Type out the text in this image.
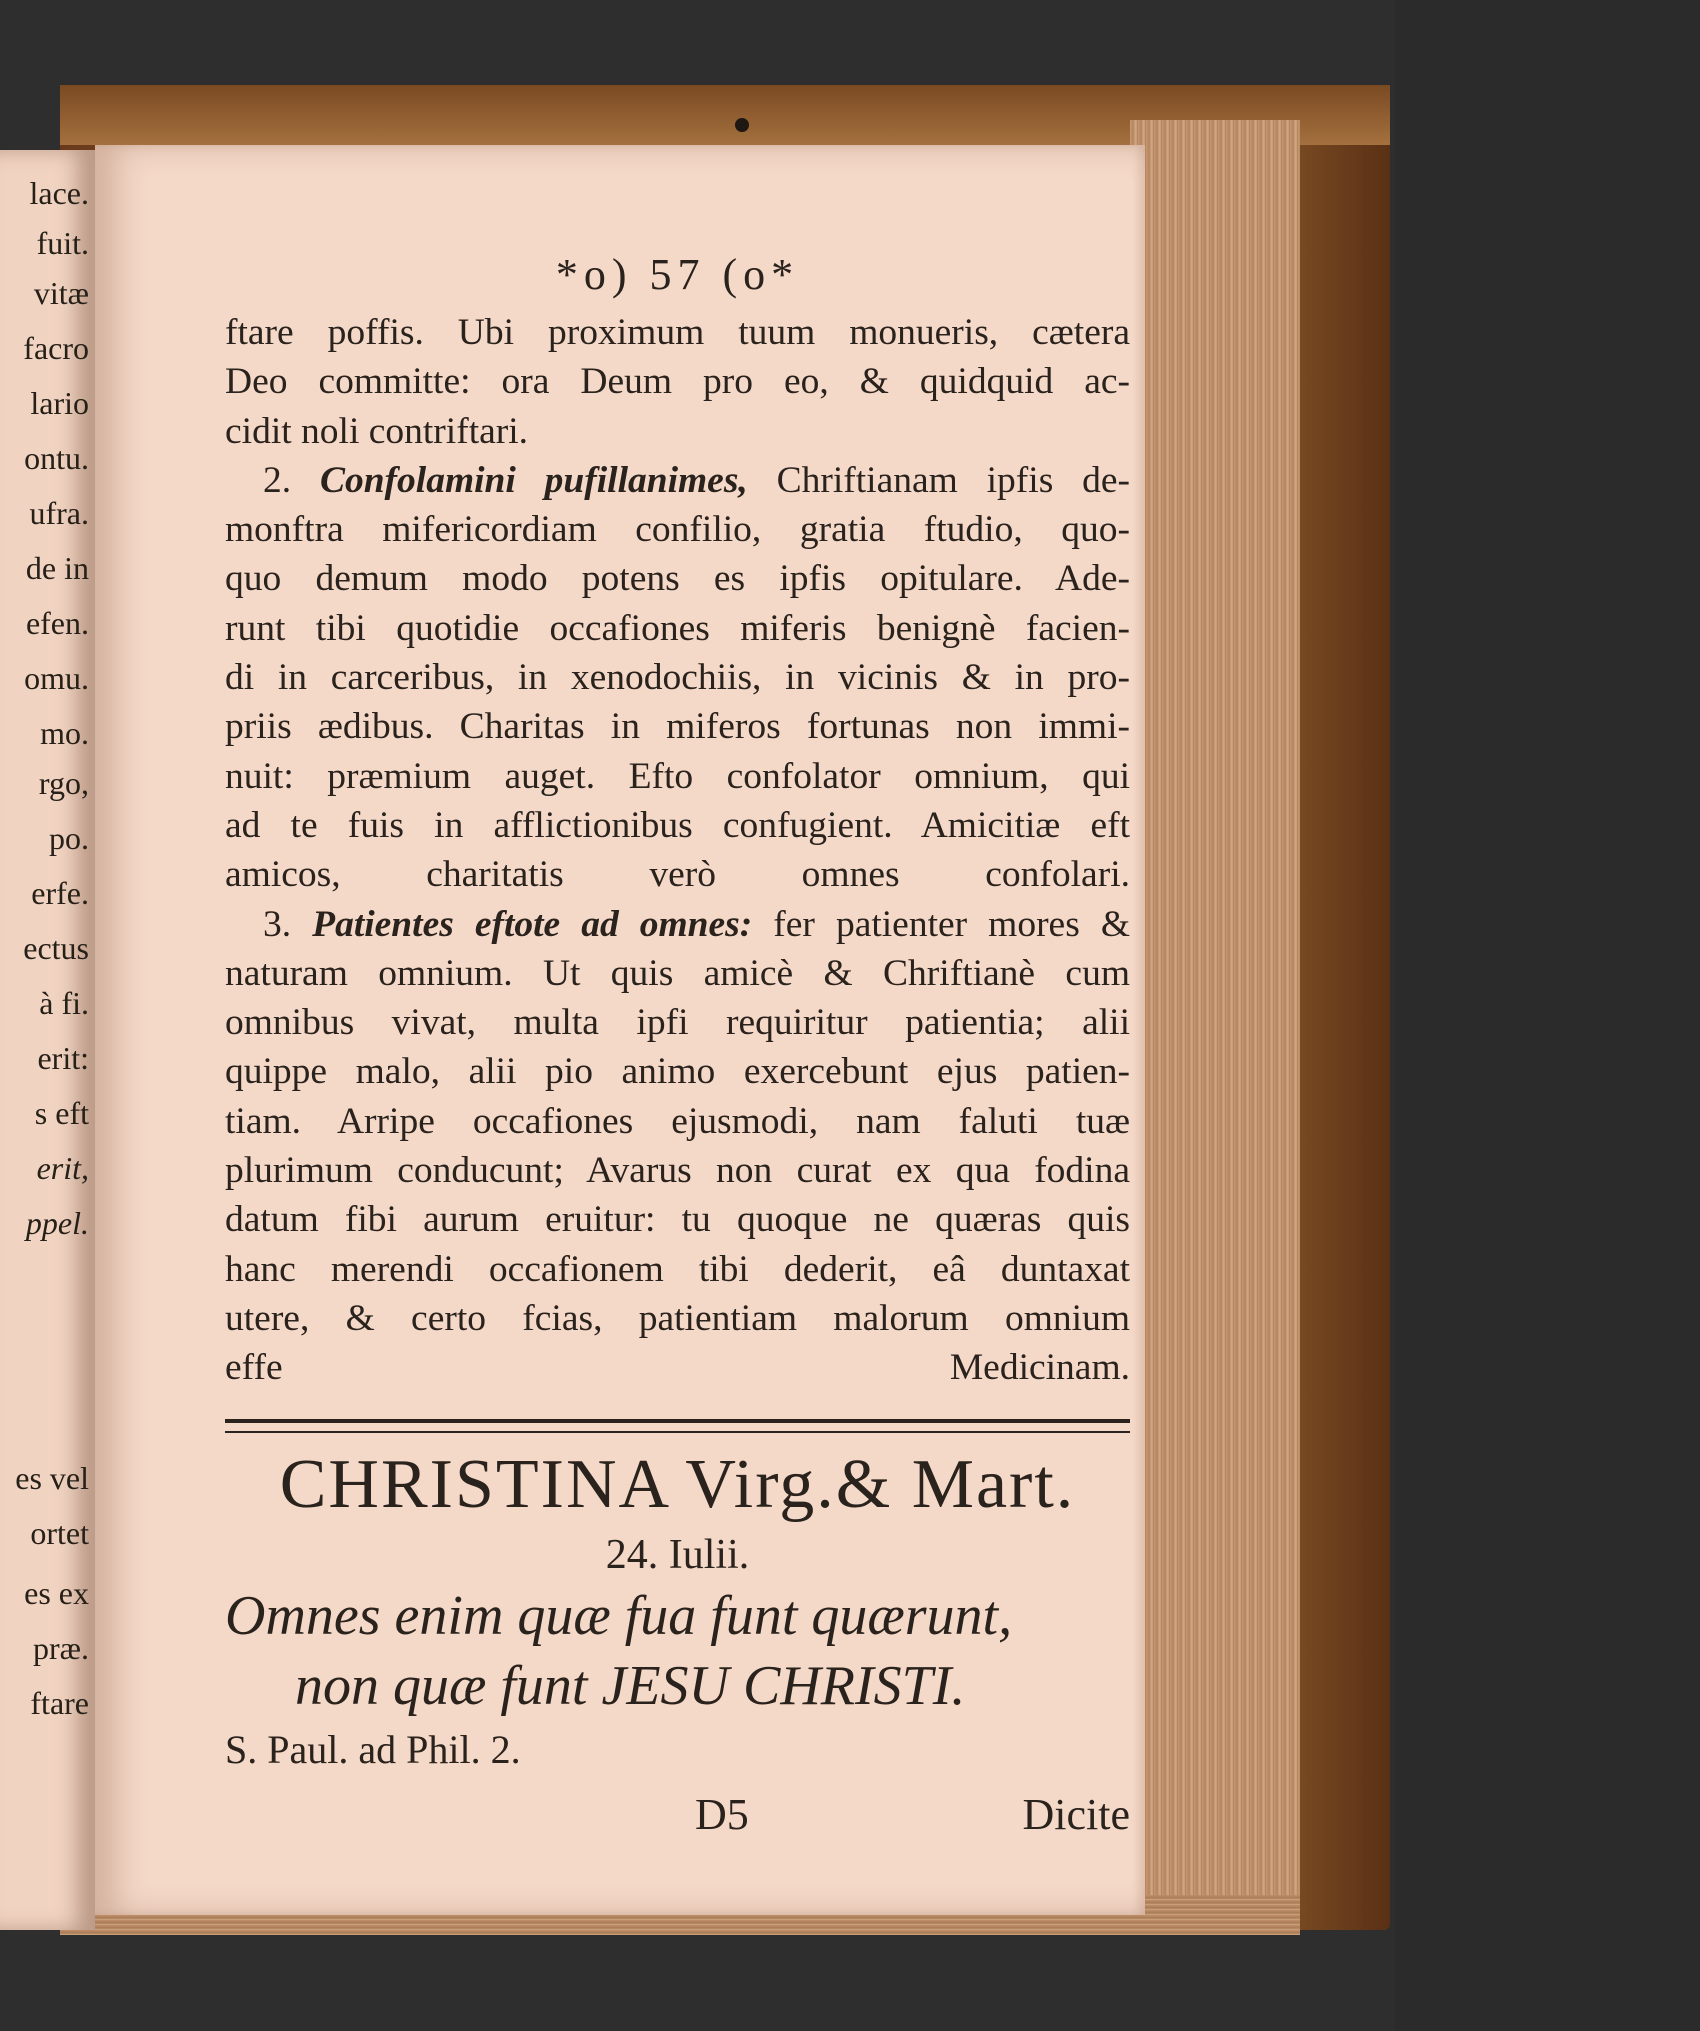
lace.
fuit.
vitæ
facro
lario
ontu.
ufra.
de in
efen.
omu.
mo.
rgo,
po.
erfe.
ectus
à fi.
erit:
s eft
erit,
ppel.
es vel
ortet
es ex
præ.
ftare
*o) 57 (o*
ftare poffis. Ubi proximum tuum monueris, cætera
Deo committe: ora Deum pro eo, & quidquid ac-
cidit noli contriftari.
2. Confolamini pufillanimes, Chriftianam ipfis de-
monftra mifericordiam confilio, gratia ftudio, quo-
quo demum modo potens es ipfis opitulare. Ade-
runt tibi quotidie occafiones miferis benignè facien-
di in carceribus, in xenodochiis, in vicinis & in pro-
priis ædibus. Charitas in miferos fortunas non immi-
nuit: præmium auget. Efto confolator omnium, qui
ad te fuis in afflictionibus confugient. Amicitiæ eft
amicos, charitatis verò omnes confolari.
3. Patientes eftote ad omnes: fer patienter mores &
naturam omnium. Ut quis amicè & Chriftianè cum
omnibus vivat, multa ipfi requiritur patientia; alii
quippe malo, alii pio animo exercebunt ejus patien-
tiam. Arripe occafiones ejusmodi, nam faluti tuæ
plurimum conducunt; Avarus non curat ex qua fodina
datum fibi aurum eruitur: tu quoque ne quæras quis
hanc merendi occafionem tibi dederit, eâ duntaxat
utere, & certo fcias, patientiam malorum omnium
effe Medicinam.
CHRISTINA Virg.& Mart.
24. Iulii.
Omnes enim quæ fua funt quærunt,
non quæ funt JESU CHRISTI.
S. Paul. ad Phil. 2.
D5	Dicite
